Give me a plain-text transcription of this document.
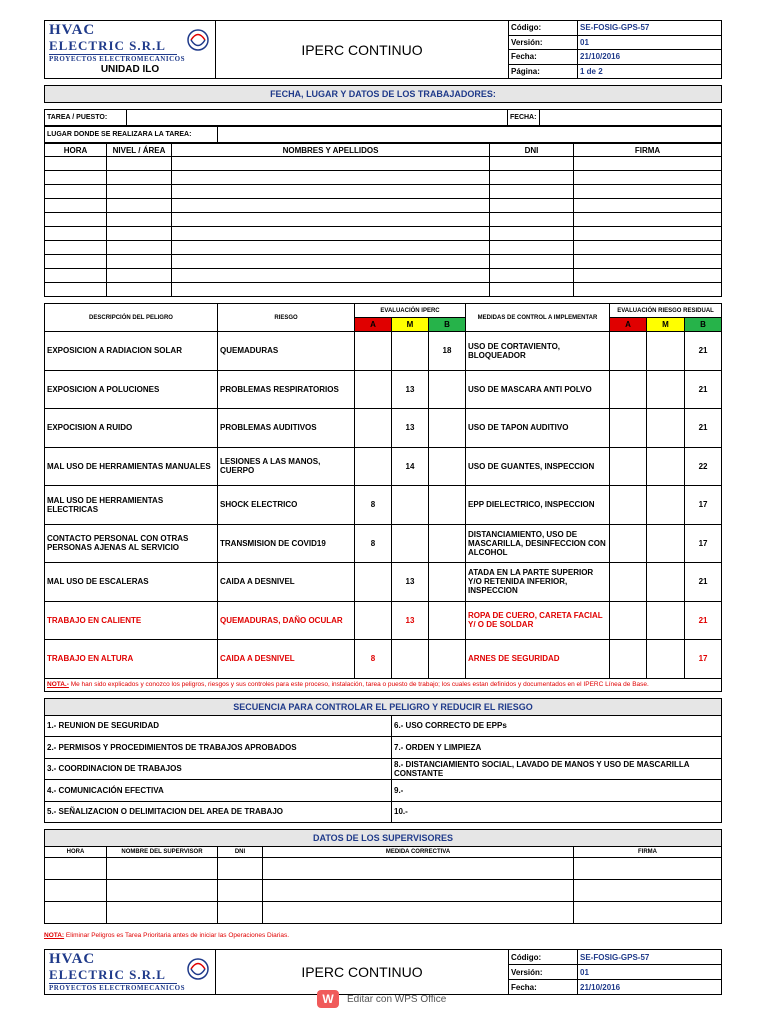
HVAC
ELECTRIC S.R.L
PROYECTOS ELECTROMECANICOS
UNIDAD ILO	IPERC CONTINUO	Código:	SE-FOSIG-GPS-57
		Versión:	01
		Fecha:	21/10/2016
		Página:	1 de 2
FECHA, LUGAR Y DATOS DE LOS TRABAJADORES:
TAREA / PUESTO:		FECHA:	
LUGAR DONDE SE REALIZARA LA TAREA:	
HORA	NIVEL / ÁREA	NOMBRES Y APELLIDOS	DNI	FIRMA

DESCRIPCIÓN DEL PELIGRO	RIESGO	EVALUACIÓN IPERC			MEDIDAS DE CONTROL A IMPLEMENTAR	EVALUACIÓN RIESGO RESIDUAL		
		A	M	B		A	M	B
EXPOSICION A RADIACION SOLAR	QUEMADURAS			18	USO DE CORTAVIENTO, BLOQUEADOR			21
EXPOSICION A POLUCIONES	PROBLEMAS RESPIRATORIOS		13		USO DE MASCARA ANTI POLVO			21
EXPOCISION A RUIDO	PROBLEMAS AUDITIVOS		13		USO DE TAPON AUDITIVO			21
MAL USO DE HERRAMIENTAS MANUALES	LESIONES A LAS MANOS, CUERPO		14		USO DE GUANTES, INSPECCION			22
MAL USO DE HERRAMIENTAS ELECTRICAS	SHOCK ELECTRICO	8			EPP DIELECTRICO, INSPECCION			17
CONTACTO PERSONAL CON OTRAS PERSONAS AJENAS AL SERVICIO	TRANSMISION DE COVID19	8			DISTANCIAMIENTO, USO DE MASCARILLA, DESINFECCION CON ALCOHOL			17
MAL USO DE ESCALERAS	CAIDA A DESNIVEL		13		ATADA EN LA PARTE SUPERIOR Y/O RETENIDA INFERIOR, INSPECCION			21
TRABAJO EN CALIENTE	QUEMADURAS, DAÑO OCULAR		13		ROPA DE CUERO, CARETA FACIAL Y/ O DE SOLDAR			21
TRABAJO EN ALTURA	CAIDA A DESNIVEL	8			ARNES DE SEGURIDAD			17
NOTA.- Me han sido explicados y conozco los peligros, riesgos y sus controles para este proceso, instalación, tarea o puesto de trabajo; los cuales estan definidos y documentados en el IPERC Línea de Base.								
SECUENCIA PARA CONTROLAR EL PELIGRO Y REDUCIR EL RIESGO	
1.- REUNION DE SEGURIDAD	6.- USO CORRECTO DE EPPs
2.- PERMISOS Y PROCEDIMIENTOS DE TRABAJOS APROBADOS	7.- ORDEN Y LIMPIEZA
3.- COORDINACION DE TRABAJOS	8.- DISTANCIAMIENTO SOCIAL, LAVADO DE MANOS Y USO DE MASCARILLA CONSTANTE
4.- COMUNICACIÓN EFECTIVA	9.-
5.- SEÑALIZACION O DELIMITACION DEL AREA DE TRABAJO	10.-
DATOS DE LOS SUPERVISORES				
HORA	NOMBRE DEL SUPERVISOR	DNI	MEDIDA CORRECTIVA	FIRMA

NOTA: Eliminar Peligros es Tarea Prioritaria antes de iniciar las Operaciones Diarias.
HVAC
ELECTRIC S.R.L
PROYECTOS ELECTROMECANICOS	IPERC CONTINUO	Código:	SE-FOSIG-GPS-57
		Versión:	01
		Fecha:	21/10/2016
W	Editar con WPS Office
